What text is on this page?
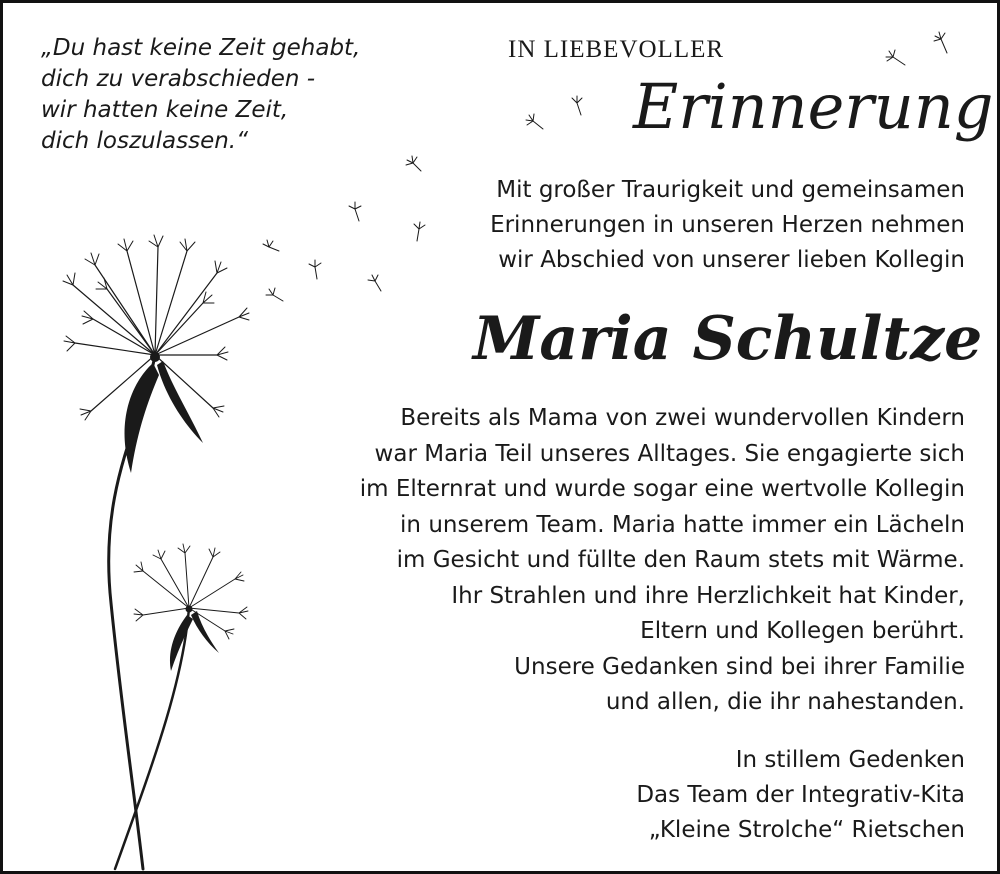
„Du hast keine Zeit gehabt,
dich zu verabschieden -
wir hatten keine Zeit,
dich loszulassen.“
IN LIEBEVOLLER
Erinnerung
Mit großer Traurigkeit und gemeinsamen
Erinnerungen in unseren Herzen nehmen
wir Abschied von unserer lieben Kollegin
Maria Schultze
Bereits als Mama von zwei wundervollen Kindern
war Maria Teil unseres Alltages. Sie engagierte sich
im Elternrat und wurde sogar eine wertvolle Kollegin
in unserem Team. Maria hatte immer ein Lächeln
im Gesicht und füllte den Raum stets mit Wärme.
Ihr Strahlen und ihre Herzlichkeit hat Kinder,
Eltern und Kollegen berührt.
Unsere Gedanken sind bei ihrer Familie
und allen, die ihr nahestanden.
In stillem Gedenken
Das Team der Integrativ-Kita
„Kleine Strolche“ Rietschen
